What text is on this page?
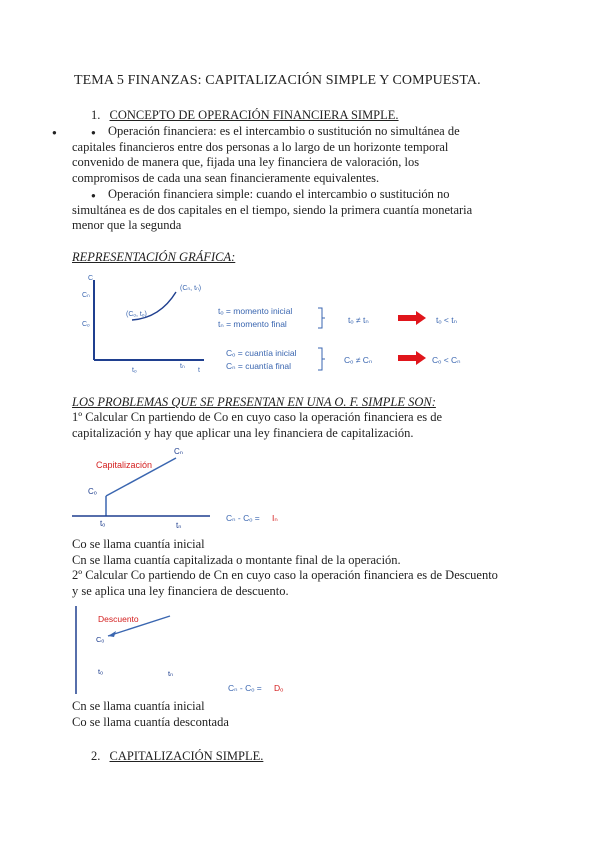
TEMA 5 FINANZAS: CAPITALIZACIÓN SIMPLE Y COMPUESTA.
1. CONCEPTO DE OPERACIÓN FINANCIERA SIMPLE.
● Operación financiera: es el intercambio o sustitución no simultánea de
capitales financieros entre dos personas a lo largo de un horizonte temporal
convenido de manera que, fijada una ley financiera de valoración, los
compromisos de cada una sean financieramente equivalentes.
●
Operación financiera simple: cuando el intercambio o sustitución no
simultánea es de dos capitales en el tiempo, siendo la primera cuantía monetaria
menor que la segunda
●
REPRESENTACIÓN GRÁFICA:
C
Cₙ
Cₒ
tₒ
tₙ
t
(Cₒ, tₒ)
(Cₙ, tₙ)
tₒ = momento inicial
tₙ = momento final	tₒ ≠ tₙ	tₒ < tₙ
Cₒ = cuantía inicial
Cₙ = cuantía final
Cₒ ≠ Cₙ	Cₒ < Cₙ
LOS PROBLEMAS QUE SE PRESENTAN EN UNA O. F. SIMPLE SON:
1º Calcular Cn partiendo de Co en cuyo caso la operación financiera es de
capitalización y hay que aplicar una ley financiera de capitalización.
Capitalización
Cₙ
Cₒ
tₒ	tₙ
Cₙ - Cₒ = Iₙ
Co se llama cuantía inicial
Cn se llama cuantía capitalizada o montante final de la operación.
2º Calcular Co partiendo de Cn en cuyo caso la operación financiera es de Descuento
y se aplica una ley financiera de descuento.
Descuento
Cₒ
tₒ	tₙ
Cₙ - Cₒ = Dₒ
Cn se llama cuantía inicial
Co se llama cuantía descontada
2. CAPITALIZACIÓN SIMPLE.
